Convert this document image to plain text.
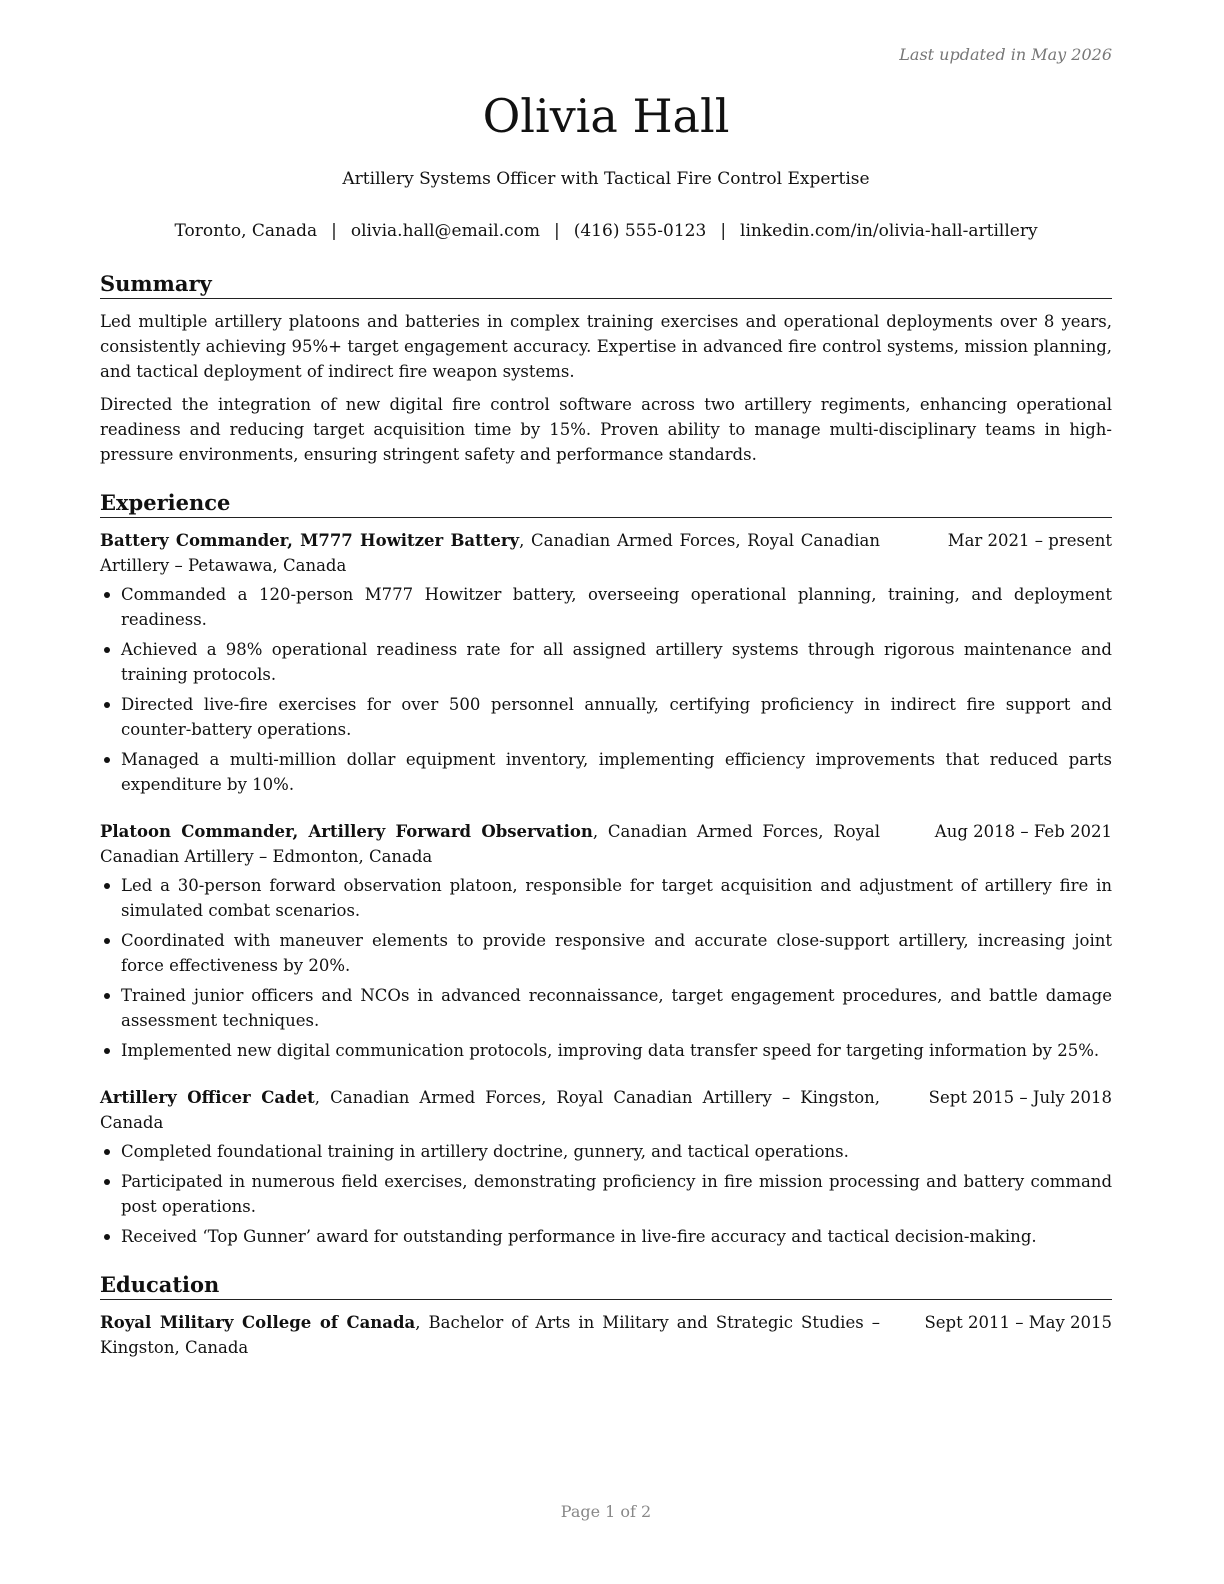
Last updated in May 2026
Olivia Hall
Artillery Systems Officer with Tactical Fire Control Expertise
Toronto, Canada | olivia.hall@email.com | (416) 555-0123 | linkedin.com/in/olivia-hall-artillery
Summary

Led multiple artillery platoons and batteries in complex training exercises and operational deployments over 8 years, consistently achieving 95%+ target engagement accuracy. Expertise in advanced fire control systems, mission planning, and tactical deployment of indirect fire weapon systems.

Directed the integration of new digital fire control software across two artillery regiments, enhancing operational readiness and reducing target acquisition time by 15%. Proven ability to manage multi-disciplinary teams in high-pressure environments, ensuring stringent safety and performance standards.

Experience
Battery Commander, M777 Howitzer Battery, Canadian Armed Forces, Royal Canadian Artillery – Petawawa, Canada
Mar 2021 – present
Commanded a 120-person M777 Howitzer battery, overseeing operational planning, training, and deployment readiness.
Achieved a 98% operational readiness rate for all assigned artillery systems through rigorous maintenance and training protocols.
Directed live-fire exercises for over 500 personnel annually, certifying proficiency in indirect fire support and counter-battery operations.
Managed a multi-million dollar equipment inventory, implementing efficiency improvements that reduced parts expenditure by 10%.
Platoon Commander, Artillery Forward Observation, Canadian Armed Forces, Royal Canadian Artillery – Edmonton, Canada
Aug 2018 – Feb 2021
Led a 30-person forward observation platoon, responsible for target acquisition and adjustment of artillery fire in simulated combat scenarios.
Coordinated with maneuver elements to provide responsive and accurate close-support artillery, increasing joint force effectiveness by 20%.
Trained junior officers and NCOs in advanced reconnaissance, target engagement procedures, and battle damage assessment techniques.
Implemented new digital communication protocols, improving data transfer speed for targeting information by 25%.
Artillery Officer Cadet, Canadian Armed Forces, Royal Canadian Artillery – Kingston, Canada
Sept 2015 – July 2018
Completed foundational training in artillery doctrine, gunnery, and tactical operations.
Participated in numerous field exercises, demonstrating proficiency in fire mission processing and battery command post operations.
Received ‘Top Gunner’ award for outstanding performance in live-fire accuracy and tactical decision-making.
Education
Royal Military College of Canada, Bachelor of Arts in Military and Strategic Studies – Kingston, Canada
Sept 2011 – May 2015
Page 1 of 2
